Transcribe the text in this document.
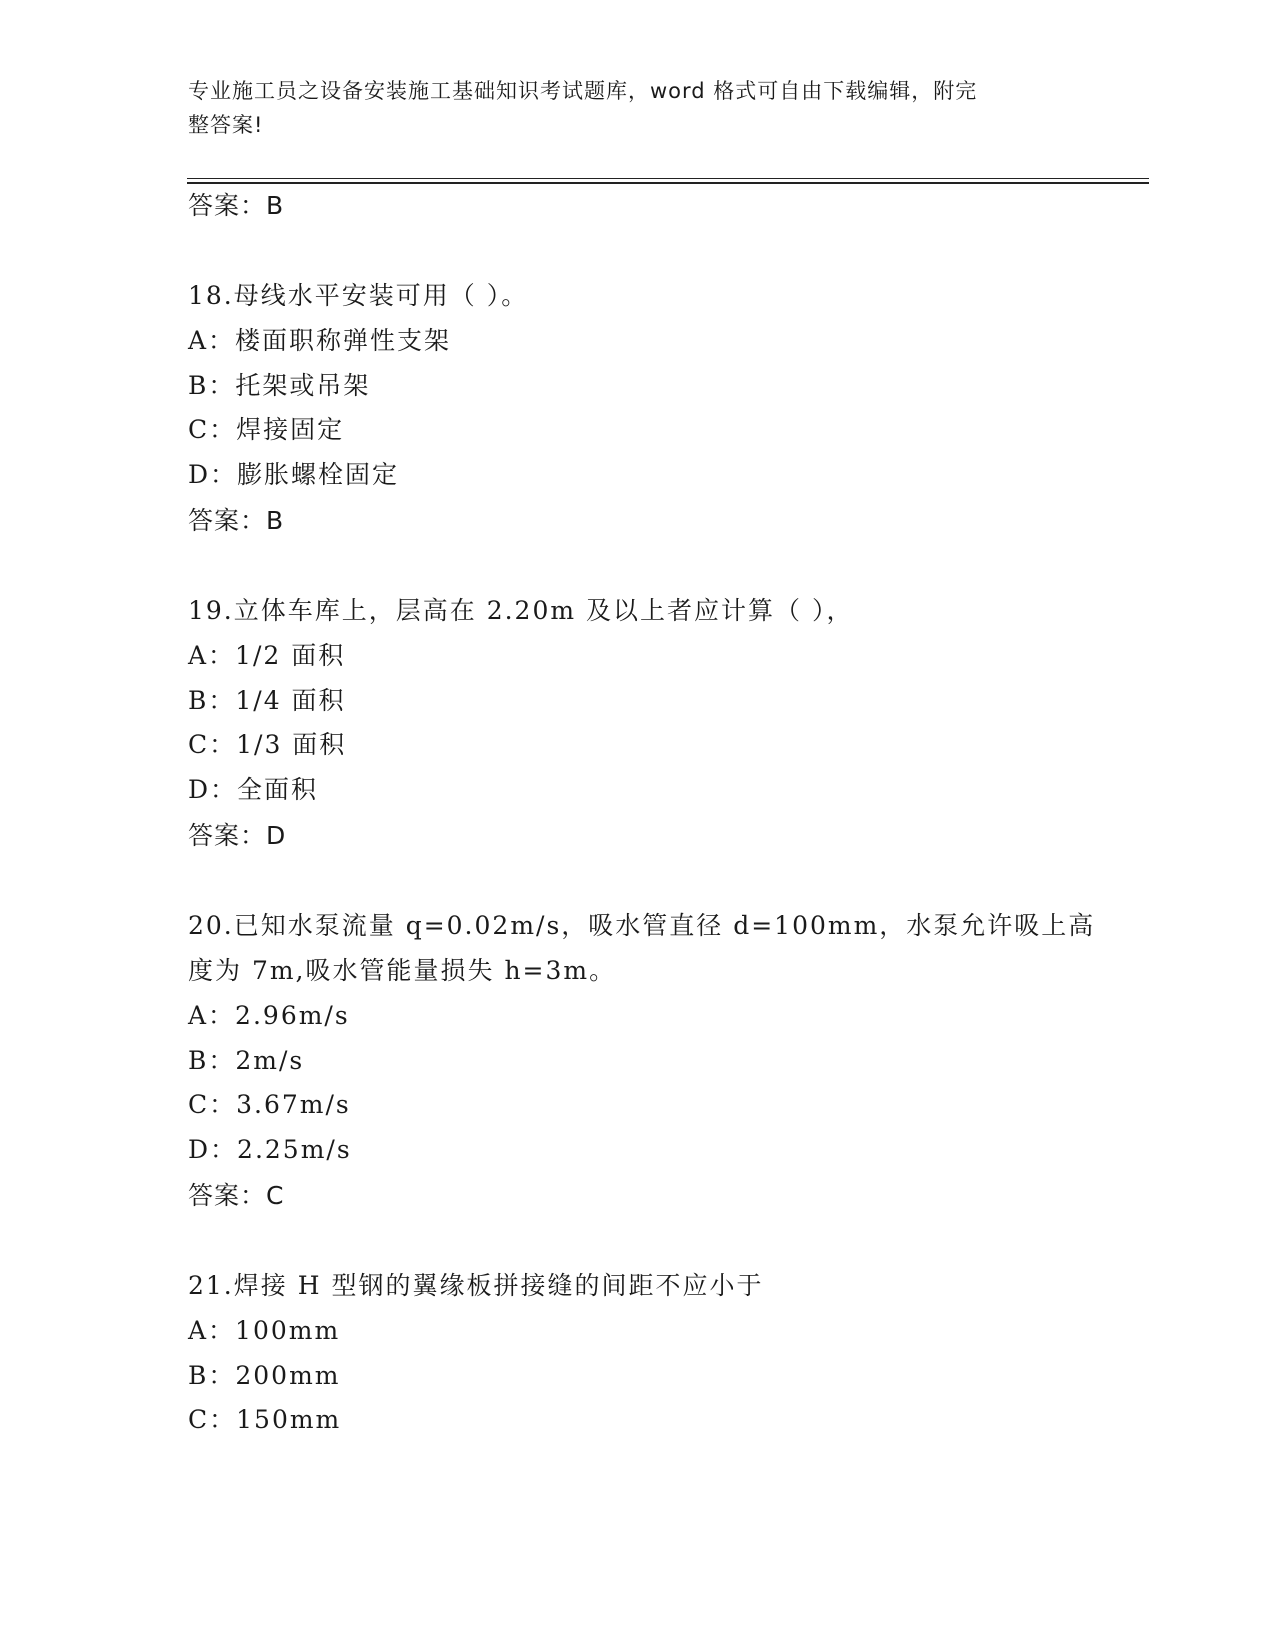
专业施工员之设备安装施工基础知识考试题库，word 格式可自由下载编辑，附完
整答案!
答案：B
18.母线水平安装可用（ ）。
A：楼面职称弹性支架
B：托架或吊架
C：焊接固定
D：膨胀螺栓固定
答案：B
19.立体车库上，层高在 2.20m 及以上者应计算（ ），
A：1/2 面积
B：1/4 面积
C：1/3 面积
D：全面积
答案：D
20.已知水泵流量 q=0.02m/s，吸水管直径 d=100mm，水泵允许吸上高
度为 7m,吸水管能量损失 h=3m。
A：2.96m/s
B：2m/s
C：3.67m/s
D：2.25m/s
答案：C
21.焊接 H 型钢的翼缘板拼接缝的间距不应小于
A：100mm
B：200mm
C：150mm
